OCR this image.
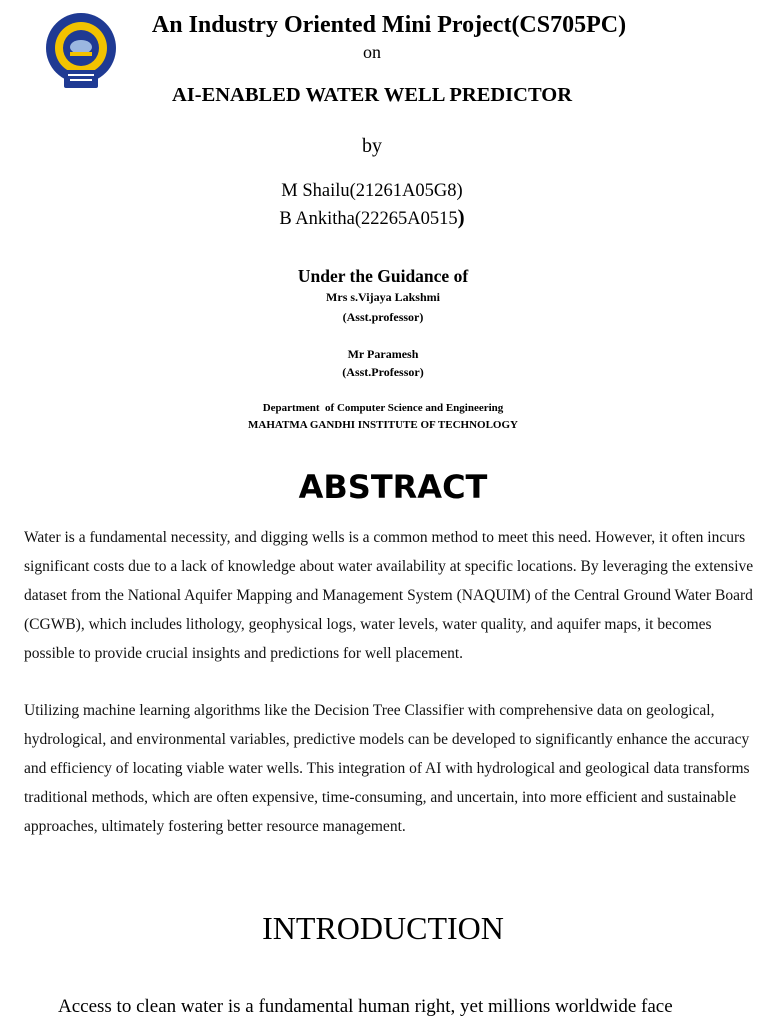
An Industry Oriented Mini Project(CS705PC)
on
AI-ENABLED WATER WELL PREDICTOR
by
M Shailu(21261A05G8)
B Ankitha(22265A0515)
Under the Guidance of
Mrs s.Vijaya Lakshmi
(Asst.professor)
Mr Paramesh
(Asst.Professor)
Department  of Computer Science and Engineering
MAHATMA GANDHI INSTITUTE OF TECHNOLOGY
ABSTRACT

Water is a fundamental necessity, and digging wells is a common method to meet this need. However, it often incurs significant costs due to a lack of knowledge about water availability at specific locations. By leveraging the extensive dataset from the National Aquifer Mapping and Management System (NAQUIM) of the Central Ground Water Board (CGWB), which includes lithology, geophysical logs, water levels, water quality, and aquifer maps, it becomes possible to provide crucial insights and predictions for well placement.

Utilizing machine learning algorithms like the Decision Tree Classifier with comprehensive data on geological, hydrological, and environmental variables, predictive models can be developed to significantly enhance the accuracy and efficiency of locating viable water wells. This integration of AI with hydrological and geological data transforms traditional methods, which are often expensive, time-consuming, and uncertain, into more efficient and sustainable approaches, ultimately fostering better resource management.

INTRODUCTION
Access to clean water is a fundamental human right, yet millions worldwide face
